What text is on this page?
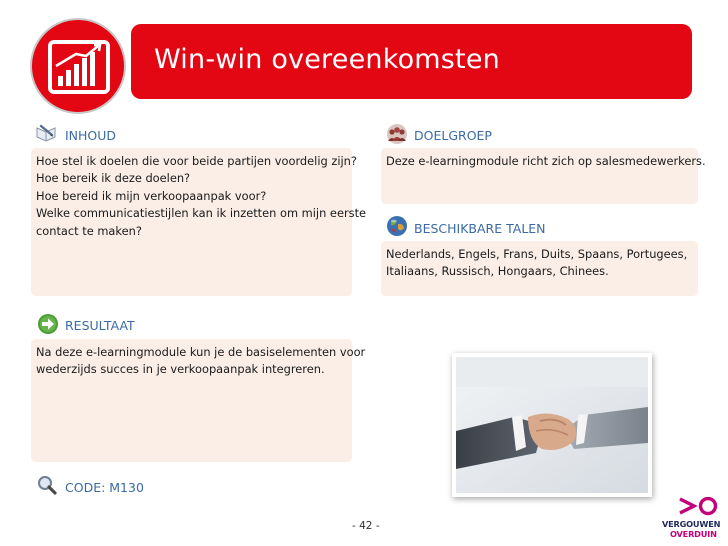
Win-win overeenkomsten
INHOUD
Hoe stel ik doelen die voor beide partijen voordelig zijn?
Hoe bereik ik deze doelen?
Hoe bereid ik mijn verkoopaanpak voor?
Welke communicatiestijlen kan ik inzetten om mijn eerste
contact te maken?
DOELGROEP
Deze e-learningmodule richt zich op salesmedewerkers.
BESCHIKBARE TALEN
Nederlands, Engels, Frans, Duits, Spaans, Portugees,
Italiaans, Russisch, Hongaars, Chinees.
RESULTAAT
Na deze e-learningmodule kun je de basiselementen voor
wederzijds succes in je verkoopaanpak integreren.
CODE: M130
- 42 -	VERGOUWEN
OVERDUIN
